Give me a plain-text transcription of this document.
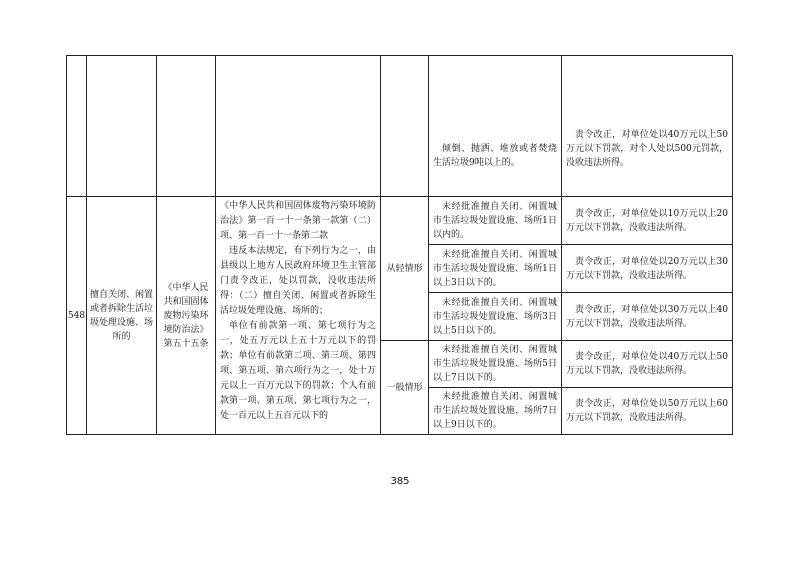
					倾倒、抛洒、堆放或者焚烧生活垃圾9吨以上的。	责令改正，对单位处以40万元以上50万元以下罚款，对个人处以500元罚款，没收违法所得。
548	擅自关闭、闲置或者拆除生活垃圾处理设施、场所的	《中华人民共和国固体废物污染环境防治法》第五十五条	《中华人民共和国固体废物污染环境防治法》第一百一十一条第一款第（二）项、第一百一十一条第二款

违反本法规定，有下列行为之一，由县级以上地方人民政府环境卫生主管部门责令改正，处以罚款，没收违法所得：（二）擅自关闭、闲置或者拆除生活垃圾处理设施、场所的；

单位有前款第一项、第七项行为之一，处五万元以上五十万元以下的罚款；单位有前款第二项、第三项、第四项、第五项、第六项行为之一，处十万元以上一百万元以下的罚款；个人有前款第一项、第五项、第七项行为之一，处一百元以上五百元以下的	从轻情形	未经批准擅自关闭、闲置城市生活垃圾处置设施、场所1日以内的。	责令改正，对单位处以10万元以上20万元以下罚款，没收违法所得。
					未经批准擅自关闭、闲置城市生活垃圾处置设施、场所1日以上3日以下的。	责令改正，对单位处以20万元以上30万元以下罚款，没收违法所得。
					未经批准擅自关闭、闲置城市生活垃圾处置设施、场所3日以上5日以下的。	责令改正，对单位处以30万元以上40万元以下罚款，没收违法所得。
				一般情形	未经批准擅自关闭、闲置城市生活垃圾处置设施、场所5日以上7日以下的。	责令改正，对单位处以40万元以上50万元以下罚款，没收违法所得。
					未经批准擅自关闭、闲置城市生活垃圾处置设施、场所7日以上9日以下的。	责令改正，对单位处以50万元以上60万元以下罚款，没收违法所得。
385
